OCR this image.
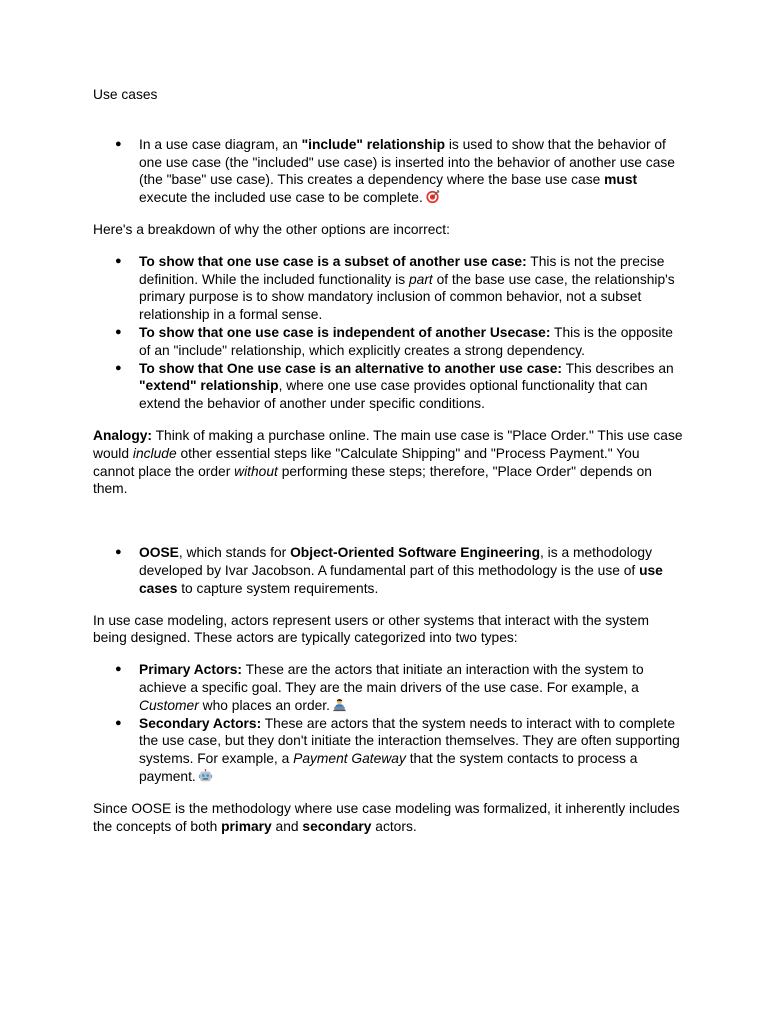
Use cases

● In a use case diagram, an "include" relationship is used to show that the behavior of one use case (the "included" use case) is inserted into the behavior of another use case (the "base" use case). This creates a dependency where the base use case must execute the included use case to be complete.

Here's a breakdown of why the other options are incorrect:

● To show that one use case is a subset of another use case: This is not the precise definition. While the included functionality is part of the base use case, the relationship's primary purpose is to show mandatory inclusion of common behavior, not a subset relationship in a formal sense.
● To show that one use case is independent of another Usecase: This is the opposite of an "include" relationship, which explicitly creates a strong dependency.
● To show that One use case is an alternative to another use case: This describes an "extend" relationship, where one use case provides optional functionality that can extend the behavior of another under specific conditions.

Analogy: Think of making a purchase online. The main use case is "Place Order." This use case would include other essential steps like "Calculate Shipping" and "Process Payment." You cannot place the order without performing these steps; therefore, "Place Order" depends on them.

● OOSE, which stands for Object-Oriented Software Engineering, is a methodology developed by Ivar Jacobson. A fundamental part of this methodology is the use of use cases to capture system requirements.

In use case modeling, actors represent users or other systems that interact with the system being designed. These actors are typically categorized into two types:

● Primary Actors: These are the actors that initiate an interaction with the system to achieve a specific goal. They are the main drivers of the use case. For example, a Customer who places an order.
● Secondary Actors: These are actors that the system needs to interact with to complete the use case, but they don't initiate the interaction themselves. They are often supporting systems. For example, a Payment Gateway that the system contacts to process a payment.

Since OOSE is the methodology where use case modeling was formalized, it inherently includes the concepts of both primary and secondary actors.
